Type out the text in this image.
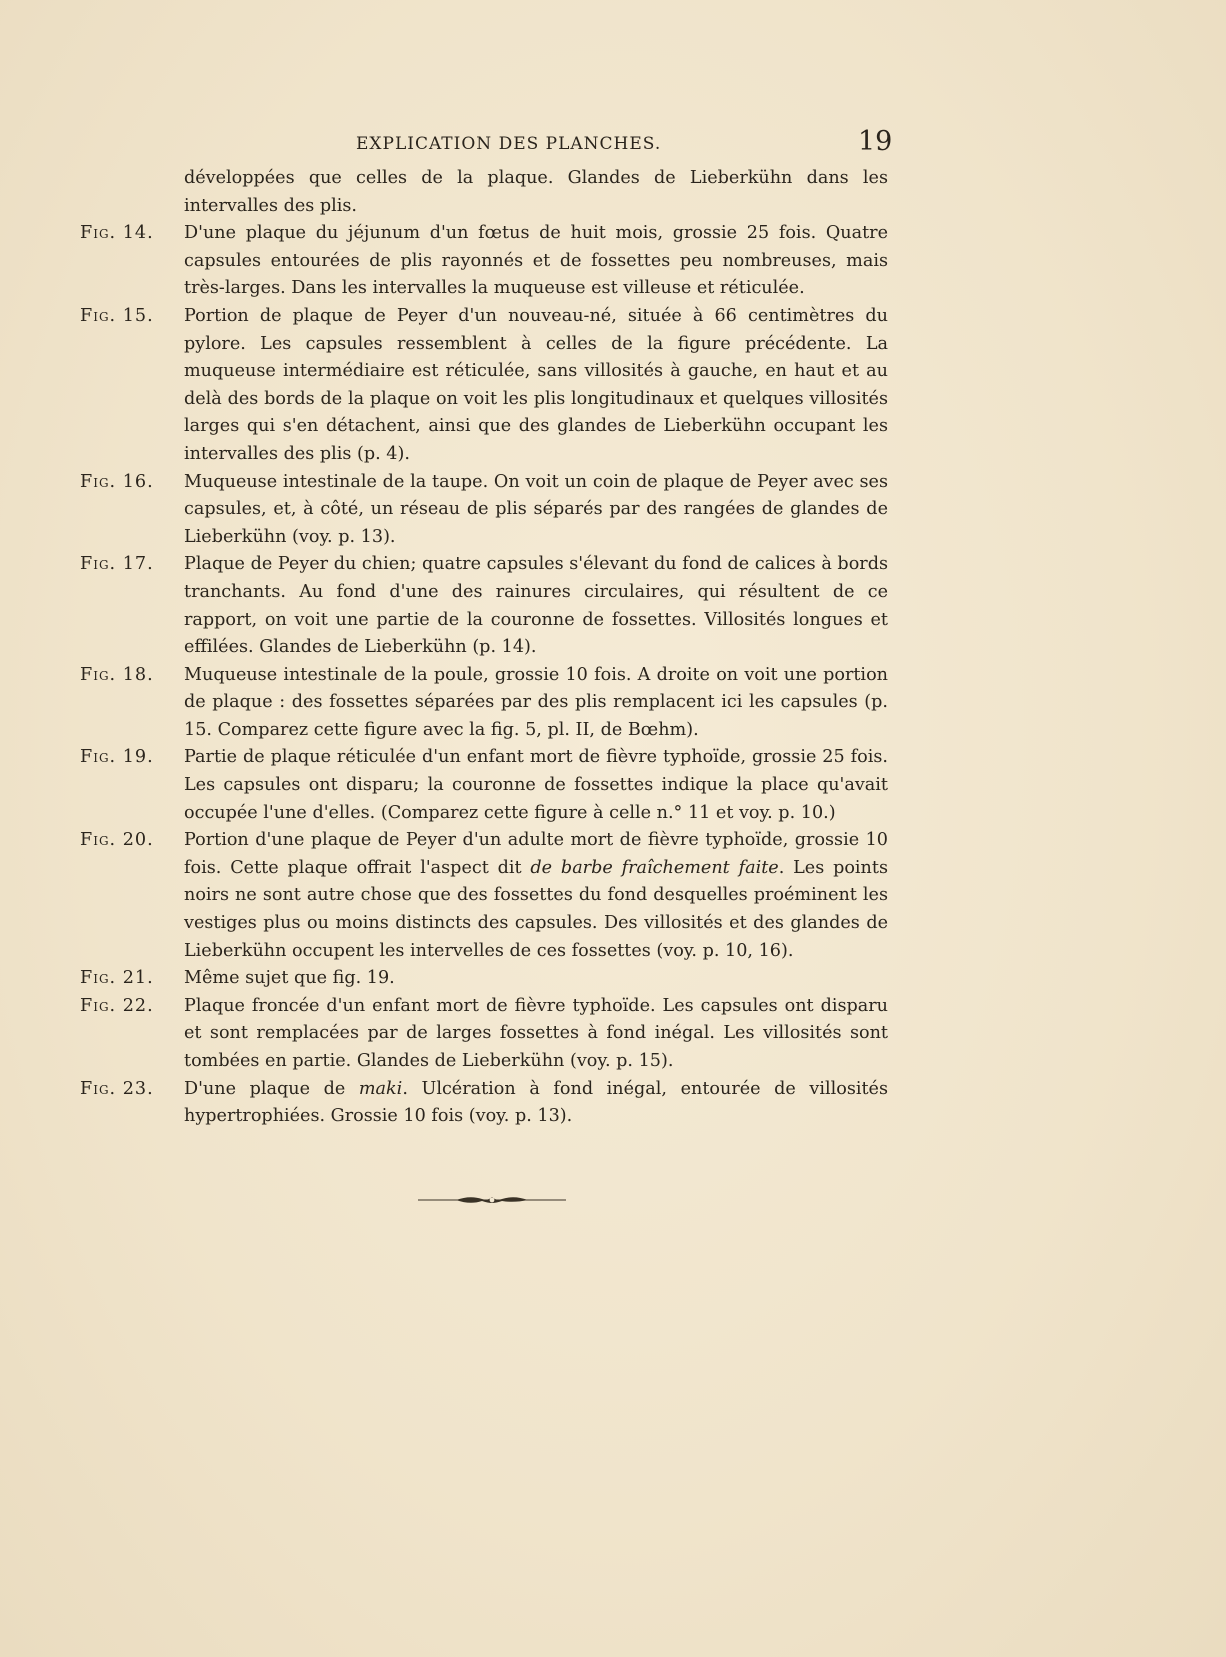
EXPLICATION DES PLANCHES.	19
développées que celles de la plaque. Glandes de Lieberkühn dans les intervalles des plis.
Fig. 14.	D'une plaque du jéjunum d'un fœtus de huit mois, grossie 25 fois. Quatre capsules entourées de plis rayonnés et de fossettes peu nombreuses, mais très-larges. Dans les intervalles la muqueuse est villeuse et réticulée.
Fig. 15.	Portion de plaque de Peyer d'un nouveau-né, située à 66 centimètres du pylore. Les capsules ressemblent à celles de la figure précédente. La muqueuse intermédiaire est réticulée, sans villosités à gauche, en haut et au delà des bords de la plaque on voit les plis longitudinaux et quelques villosités larges qui s'en détachent, ainsi que des glandes de Lieberkühn occupant les intervalles des plis (p. 4).
Fig. 16.	Muqueuse intestinale de la taupe. On voit un coin de plaque de Peyer avec ses capsules, et, à côté, un réseau de plis séparés par des rangées de glandes de Lieberkühn (voy. p. 13).
Fig. 17.	Plaque de Peyer du chien; quatre capsules s'élevant du fond de calices à bords tranchants. Au fond d'une des rainures circulaires, qui résultent de ce rapport, on voit une partie de la couronne de fossettes. Villosités longues et effilées. Glandes de Lieberkühn (p. 14).
Fig. 18.	Muqueuse intestinale de la poule, grossie 10 fois. A droite on voit une portion de plaque : des fossettes séparées par des plis remplacent ici les capsules (p. 15. Comparez cette figure avec la fig. 5, pl. II, de Bœhm).
Fig. 19.	Partie de plaque réticulée d'un enfant mort de fièvre typhoïde, grossie 25 fois. Les capsules ont disparu; la couronne de fossettes indique la place qu'avait occupée l'une d'elles. (Comparez cette figure à celle n.° 11 et voy. p. 10.)
Fig. 20.	Portion d'une plaque de Peyer d'un adulte mort de fièvre typhoïde, grossie 10 fois. Cette plaque offrait l'aspect dit de barbe fraîchement faite. Les points noirs ne sont autre chose que des fossettes du fond desquelles proéminent les vestiges plus ou moins distincts des capsules. Des villosités et des glandes de Lieberkühn occupent les intervelles de ces fossettes (voy. p. 10, 16).
Fig. 21.	Même sujet que fig. 19.
Fig. 22.	Plaque froncée d'un enfant mort de fièvre typhoïde. Les capsules ont disparu et sont remplacées par de larges fossettes à fond inégal. Les villosités sont tombées en partie. Glandes de Lieberkühn (voy. p. 15).
Fig. 23.	D'une plaque de maki. Ulcération à fond inégal, entourée de villosités hypertrophiées. Grossie 10 fois (voy. p. 13).
